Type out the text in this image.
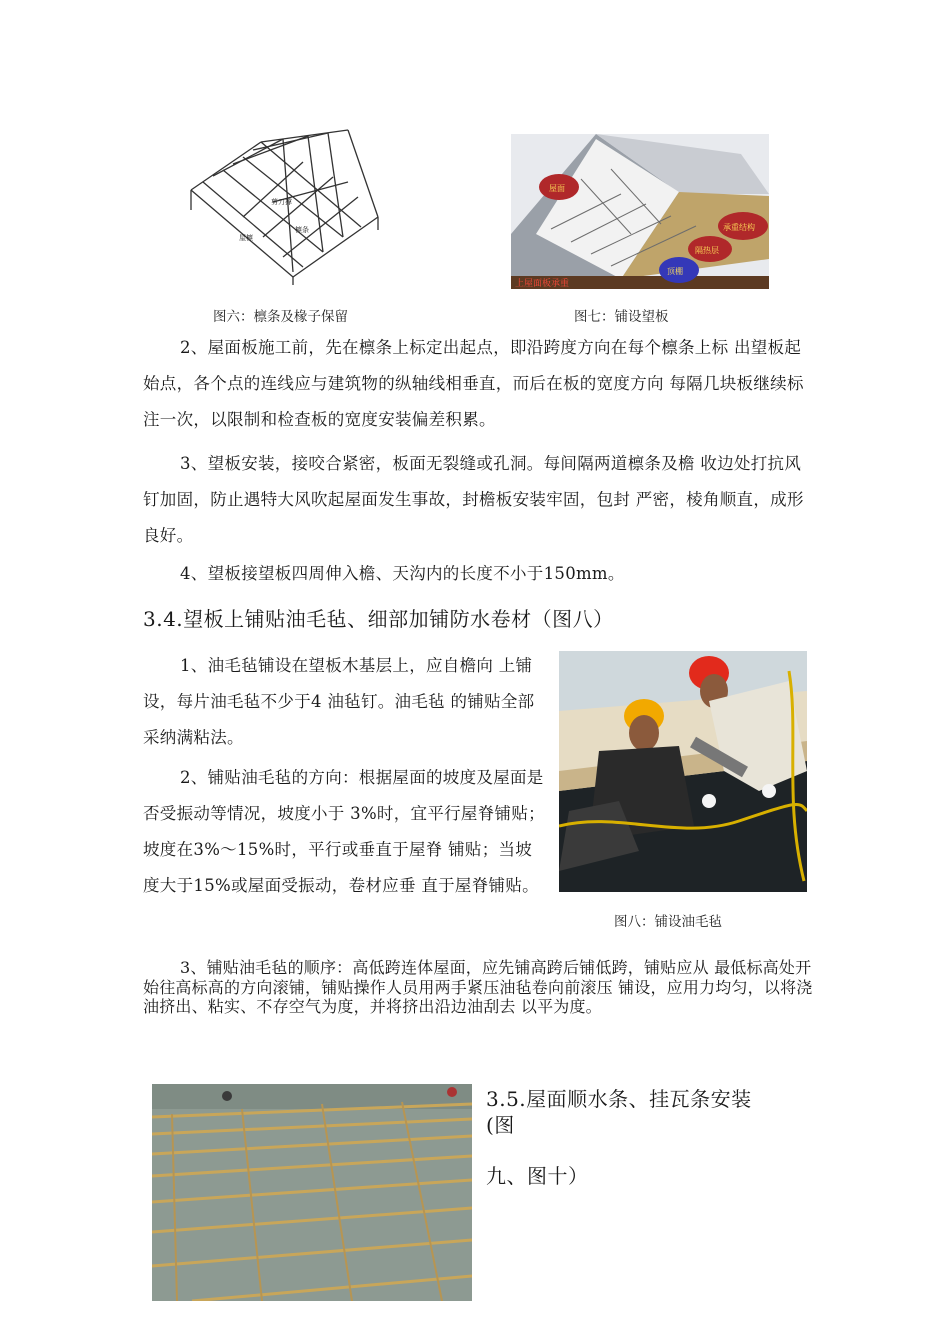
剪刀撑
檩条
屋檩
图六：檩条及椽子保留
上屋面板承重
屋面
承重结构
隔热层
顶棚
图七：铺设望板

2、屋面板施工前，先在檩条上标定出起点，即沿跨度方向在每个檩条上标 出望板起始点，各个点的连线应与建筑物的纵轴线相垂直，而后在板的宽度方向 每隔几块板继续标注一次，以限制和检查板的宽度安装偏差积累。

3、望板安装，接咬合紧密，板面无裂缝或孔洞。每间隔两道檩条及檐 收边处打抗风钉加固，防止遇特大风吹起屋面发生事故，封檐板安装牢固，包封 严密，棱角顺直，成形良好。

4、望板接望板四周伸入檐、天沟内的长度不小于150mm。

3.4.望板上铺贴油毛毡、细部加铺防水卷材（图八）

1、油毛毡铺设在望板木基层上，应自檐向 上铺设，每片油毛毡不少于4 油毡钉。油毛毡 的铺贴全部采纳满粘法。

2、铺贴油毛毡的方向：根据屋面的坡度及屋面是否受振动等情况，坡度小于 3%时，宜平行屋脊铺贴；坡度在3%〜15%时，平行或垂直于屋脊 铺贴；当坡度大于15%或屋面受振动，卷材应垂 直于屋脊铺贴。

图八：铺设油毛毡

3、铺贴油毛毡的顺序：高低跨连体屋面，应先铺高跨后铺低跨，铺贴应从 最低标高处开始往高标高的方向滚铺，铺贴操作人员用两手紧压油毡卷向前滚压 铺设，应用力均匀，以将浇油挤出、粘实、不存空气为度，并将挤出沿边油刮去 以平为度。

3.5.屋面顺水条、挂瓦条安装
(图
九、图十）
